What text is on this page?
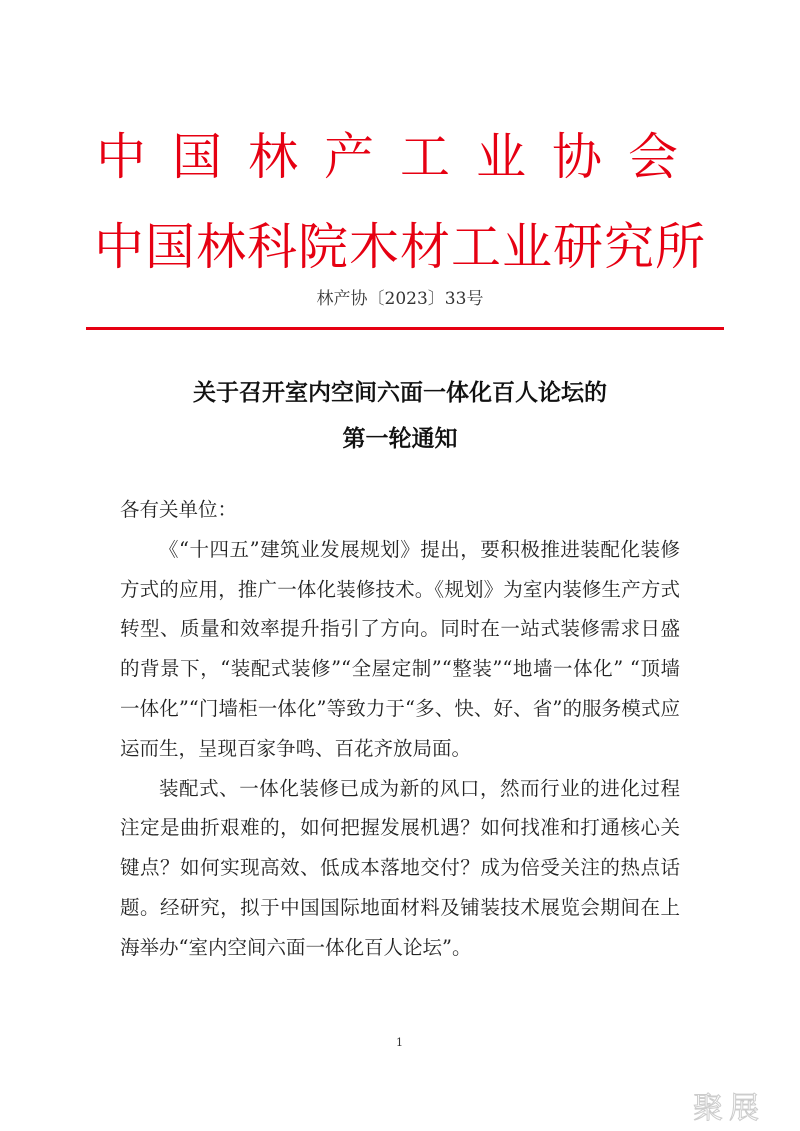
中国林产工业协会
中国林科院木材工业研究所
林产协〔2023〕33号
关于召开室内空间六面一体化百人论坛的
第一轮通知

各有关单位：

《“十四五”建筑业发展规划》提出，要积极推进装配化装修方式的应用，推广一体化装修技术。《规划》为室内装修生产方式转型、质量和效率提升指引了方向。同时在一站式装修需求日盛的背景下，“装配式装修”“全屋定制”“整装”“地墙一体化” “顶墙一体化”“门墙柜一体化”等致力于“多、快、好、省”的服务模式应运而生，呈现百家争鸣、百花齐放局面。

装配式、一体化装修已成为新的风口，然而行业的进化过程注定是曲折艰难的，如何把握发展机遇？如何找准和打通核心关键点？如何实现高效、低成本落地交付？成为倍受关注的热点话题。经研究，拟于中国国际地面材料及铺装技术展览会期间在上海举办“室内空间六面一体化百人论坛”。

1
聚展
